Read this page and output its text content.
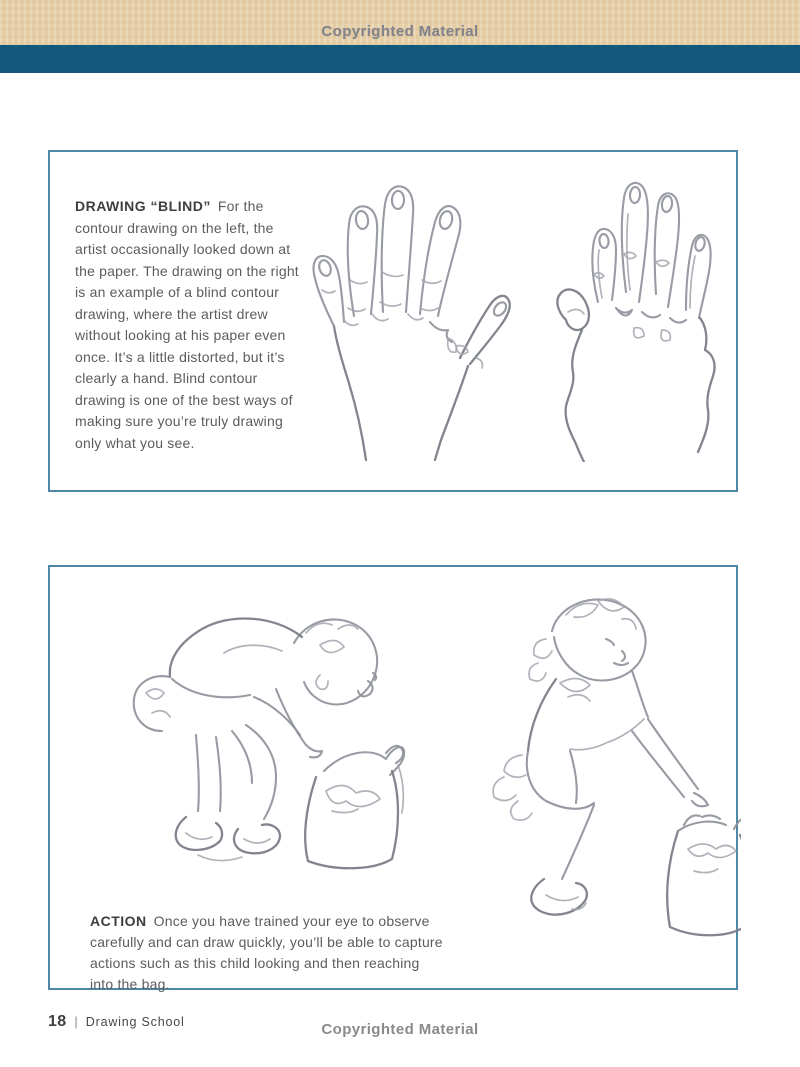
Copyrighted Material

DRAWING “BLIND” For the contour drawing on the left, the artist occasionally looked down at the paper. The drawing on the right is an example of a blind contour drawing, where the artist drew without looking at his paper even once. It’s a little distorted, but it’s clearly a hand. Blind contour drawing is one of the best ways of making sure you’re truly drawing only what you see.

ACTION Once you have trained your eye to observe carefully and can draw quickly, you’ll be able to capture actions such as this child looking and then reaching into the bag.

18 | Drawing School	Copyrighted Material
